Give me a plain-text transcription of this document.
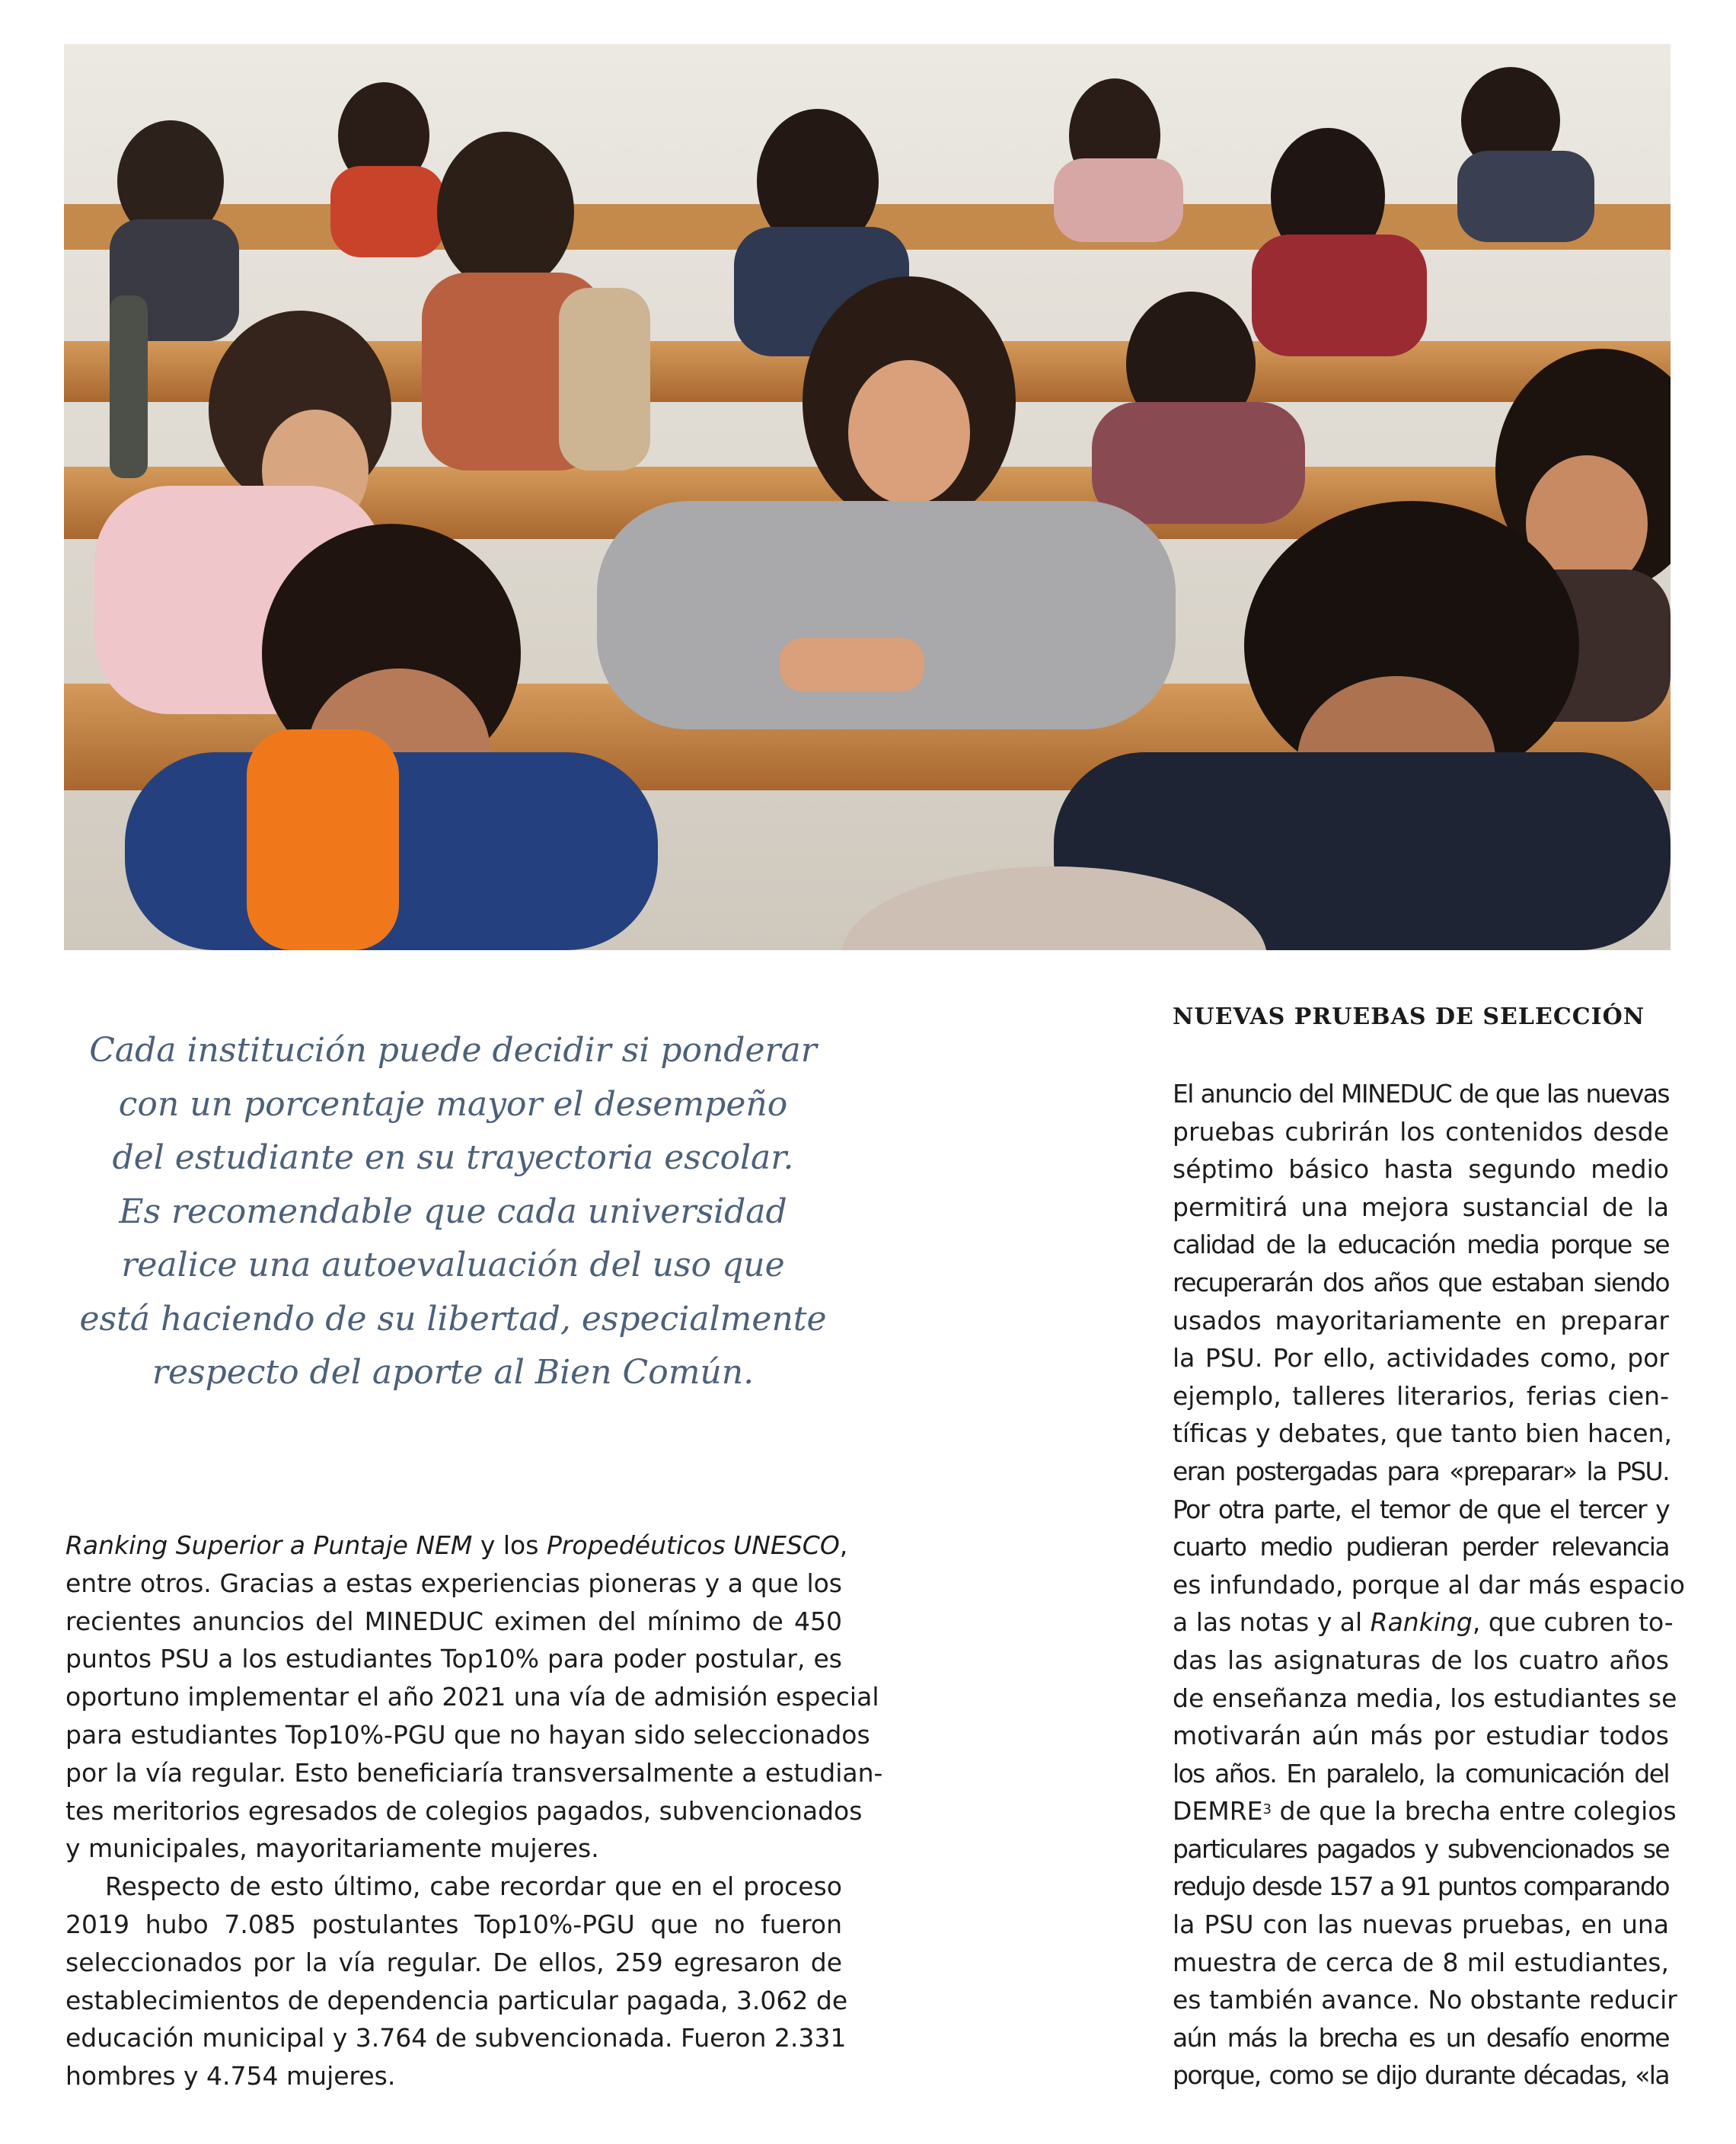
Cada institución puede decidir si ponderar
con un porcentaje mayor el desempeño
del estudiante en su trayectoria escolar.
Es recomendable que cada universidad
realice una autoevaluación del uso que
está haciendo de su libertad, especialmente
respecto del aporte al Bien Común.
Ranking Superior a Puntaje NEM y los Propedéuticos UNESCO,
entre otros. Gracias a estas experiencias pioneras y a que los
recientes anuncios del MINEDUC eximen del mínimo de 450
puntos PSU a los estudiantes Top10% para poder postular, es
oportuno implementar el año 2021 una vía de admisión especial
para estudiantes Top10%-PGU que no hayan sido seleccionados
por la vía regular. Esto beneficiaría transversalmente a estudian-
tes meritorios egresados de colegios pagados, subvencionados
y municipales, mayoritariamente mujeres.
Respecto de esto último, cabe recordar que en el proceso
2019 hubo 7.085 postulantes Top10%-PGU que no fueron
seleccionados por la vía regular. De ellos, 259 egresaron de
establecimientos de dependencia particular pagada, 3.062 de
educación municipal y 3.764 de subvencionada. Fueron 2.331
hombres y 4.754 mujeres.
NUEVAS PRUEBAS DE SELECCIÓN
El anuncio del MINEDUC de que las nuevas
pruebas cubrirán los contenidos desde
séptimo básico hasta segundo medio
permitirá una mejora sustancial de la
calidad de la educación media porque se
recuperarán dos años que estaban siendo
usados mayoritariamente en preparar
la PSU. Por ello, actividades como, por
ejemplo, talleres literarios, ferias cien-
tíficas y debates, que tanto bien hacen,
eran postergadas para «preparar» la PSU.
Por otra parte, el temor de que el tercer y
cuarto medio pudieran perder relevancia
es infundado, porque al dar más espacio
a las notas y al Ranking, que cubren to-
das las asignaturas de los cuatro años
de enseñanza media, los estudiantes se
motivarán aún más por estudiar todos
los años. En paralelo, la comunicación del
DEMRE$^3$ de que la brecha entre colegios
particulares pagados y subvencionados se
redujo desde 157 a 91 puntos comparando
la PSU con las nuevas pruebas, en una
muestra de cerca de 8 mil estudiantes,
es también avance. No obstante reducir
aún más la brecha es un desafío enorme
porque, como se dijo durante décadas, «la
